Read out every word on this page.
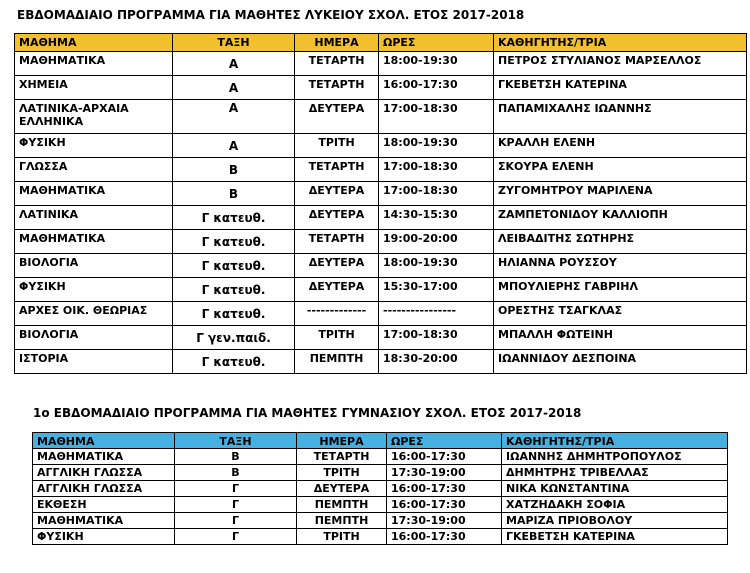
ΕΒΔΟΜΑΔΙΑΙΟ ΠΡΟΓΡΑΜΜΑ ΓΙΑ ΜΑΘΗΤΕΣ ΛΥΚΕΙΟΥ ΣΧΟΛ. ΕΤΟΣ 2017-2018
ΜΑΘΗΜΑ	ΤΑΞΗ	ΗΜΕΡΑ	ΩΡΕΣ	ΚΑΘΗΓΗΤΗΣ/ΤΡΙΑ
ΜΑΘΗΜΑΤΙΚΑ	Α	ΤΕΤΑΡΤΗ	18:00-19:30	ΠΕΤΡΟΣ ΣΤΥΛΙΑΝΟΣ ΜΑΡΣΕΛΛΟΣ
ΧΗΜΕΙΑ	Α	ΤΕΤΑΡΤΗ	16:00-17:30	ΓΚΕΒΕΤΣΗ ΚΑΤΕΡΙΝΑ
ΛΑΤΙΝΙΚΑ-ΑΡΧΑΙΑ ΕΛΛΗΝΙΚΑ	Α	ΔΕΥΤΕΡΑ	17:00-18:30	ΠΑΠΑΜΙΧΑΛΗΣ ΙΩΑΝΝΗΣ
ΦΥΣΙΚΗ	Α	ΤΡΙΤΗ	18:00-19:30	ΚΡΑΛΛΗ ΕΛΕΝΗ
ΓΛΩΣΣΑ	Β	ΤΕΤΑΡΤΗ	17:00-18:30	ΣΚΟΥΡΑ ΕΛΕΝΗ
ΜΑΘΗΜΑΤΙΚΑ	Β	ΔΕΥΤΕΡΑ	17:00-18:30	ΖΥΓΟΜΗΤΡΟΥ ΜΑΡΙΛΕΝΑ
ΛΑΤΙΝΙΚΑ	Γ κατευθ.	ΔΕΥΤΕΡΑ	14:30-15:30	ΖΑΜΠΕΤΟΝΙΔΟΥ ΚΑΛΛΙΟΠΗ
ΜΑΘΗΜΑΤΙΚΑ	Γ κατευθ.	ΤΕΤΑΡΤΗ	19:00-20:00	ΛΕΙΒΑΔΙΤΗΣ ΣΩΤΗΡΗΣ
ΒΙΟΛΟΓΙΑ	Γ κατευθ.	ΔΕΥΤΕΡΑ	18:00-19:30	ΗΛΙΑΝΝΑ ΡΟΥΣΣΟΥ
ΦΥΣΙΚΗ	Γ κατευθ.	ΔΕΥΤΕΡΑ	15:30-17:00	ΜΠΟΥΛΙΕΡΗΣ ΓΑΒΡΙΗΛ
ΑΡΧΕΣ ΟΙΚ. ΘΕΩΡΙΑΣ	Γ κατευθ.	-------------	----------------	ΟΡΕΣΤΗΣ ΤΣΑΓΚΛΑΣ
ΒΙΟΛΟΓΙΑ	Γ γεν.παιδ.	ΤΡΙΤΗ	17:00-18:30	ΜΠΑΛΛΗ ΦΩΤΕΙΝΗ
ΙΣΤΟΡΙΑ	Γ κατευθ.	ΠΕΜΠΤΗ	18:30-20:00	ΙΩΑΝΝΙΔΟΥ ΔΕΣΠΟΙΝΑ
1ο ΕΒΔΟΜΑΔΙΑΙΟ ΠΡΟΓΡΑΜΜΑ ΓΙΑ ΜΑΘΗΤΕΣ ΓΥΜΝΑΣΙΟΥ ΣΧΟΛ. ΕΤΟΣ 2017-2018
ΜΑΘΗΜΑ	ΤΑΞΗ	ΗΜΕΡΑ	ΩΡΕΣ	ΚΑΘΗΓΗΤΗΣ/ΤΡΙΑ
ΜΑΘΗΜΑΤΙΚΑ	Β	ΤΕΤΑΡΤΗ	16:00-17:30	ΙΩΑΝΝΗΣ ΔΗΜΗΤΡΟΠΟΥΛΟΣ
ΑΓΓΛΙΚΗ ΓΛΩΣΣΑ	Β	ΤΡΙΤΗ	17:30-19:00	ΔΗΜΗΤΡΗΣ ΤΡΙΒΕΛΛΑΣ
ΑΓΓΛΙΚΗ ΓΛΩΣΣΑ	Γ	ΔΕΥΤΕΡΑ	16:00-17:30	ΝΙΚΑ ΚΩΝΣΤΑΝΤΙΝΑ
ΕΚΘΕΣΗ	Γ	ΠΕΜΠΤΗ	16:00-17:30	ΧΑΤΖΗΔΑΚΗ ΣΟΦΙΑ
ΜΑΘΗΜΑΤΙΚΑ	Γ	ΠΕΜΠΤΗ	17:30-19:00	ΜΑΡΙΖΑ ΠΡΙΟΒΟΛΟΥ
ΦΥΣΙΚΗ	Γ	ΤΡΙΤΗ	16:00-17:30	ΓΚΕΒΕΤΣΗ ΚΑΤΕΡΙΝΑ
